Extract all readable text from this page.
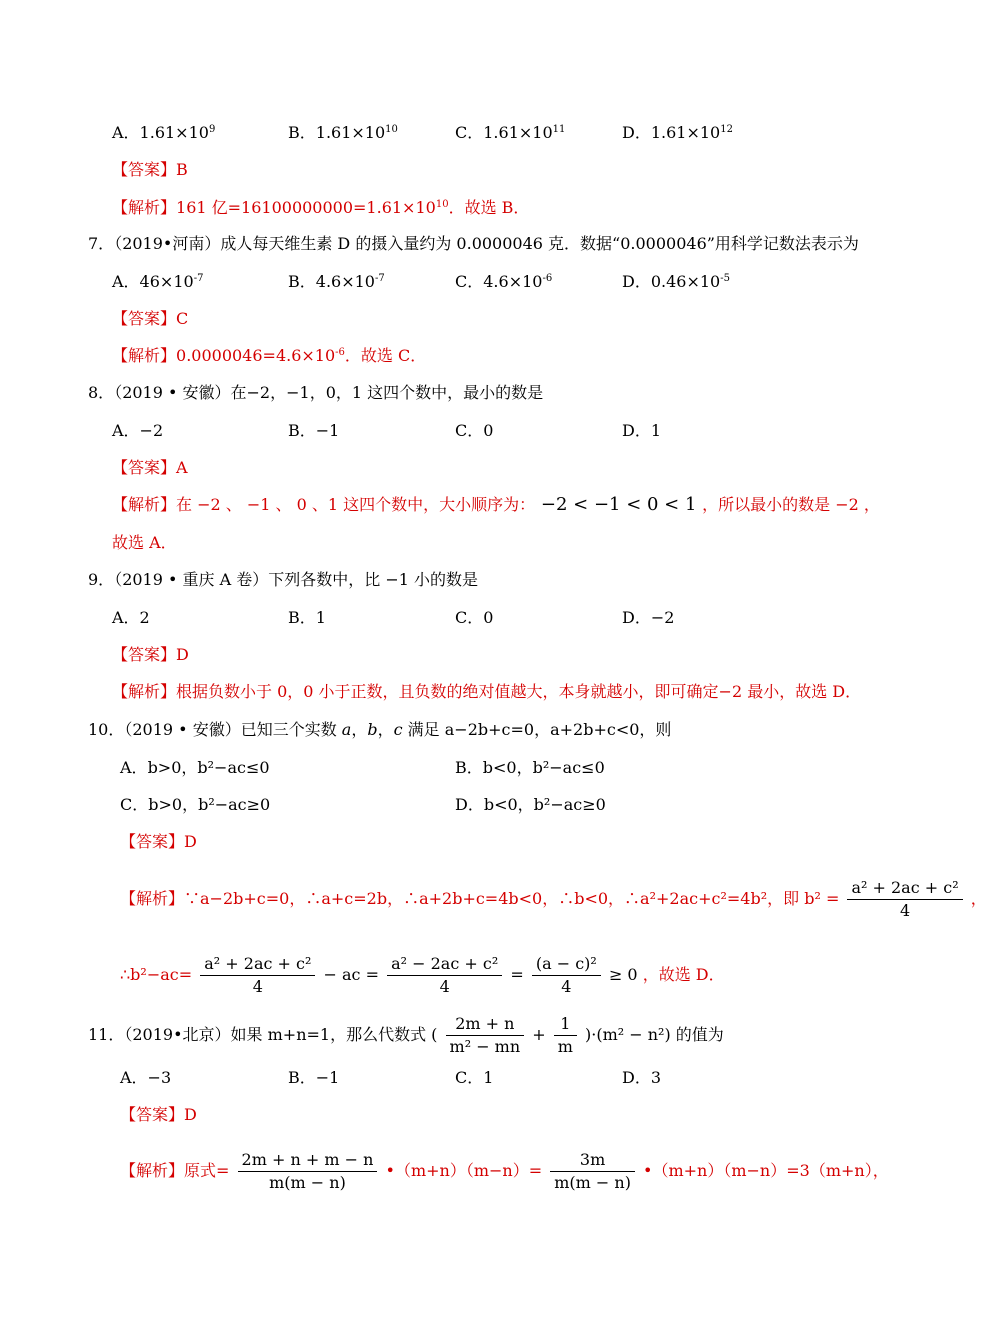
A．$1.61\times 10^9$	B．$1.61\times 10^{10}$	C．$1.61\times 10^{11}$	D．$1.61\times 10^{12}$
【答案】B
【解析】161 亿$=16100000000=1.61\times 10^{10}$．故选 B．
7．（2019•河南）成人每天维生素 D 的摄入量约为 0.0000046 克．数据“0.0000046”用科学记数法表示为
A．$46\times 10^{-7}$	B．$4.6\times 10^{-7}$	C．$4.6\times 10^{-6}$	D．$0.46\times 10^{-5}$
【答案】C
【解析】$0.0000046=4.6\times 10^{-6}$．故选 C．
8．（2019 • 安徽）在−2，−1，0，1 这四个数中，最小的数是
A．−2	B．−1	C．0	D．1
【答案】A
【解析】在 −2 、 −1 、 0 、1 这四个数中，大小顺序为： −2 < −1 < 0 < 1 ，所以最小的数是 −2 ，
故选 A．
9．（2019 • 重庆 A 卷）下列各数中，比 −1 小的数是
A．2	B．1	C．0	D．−2
【答案】D
【解析】根据负数小于 0，0 小于正数，且负数的绝对值越大，本身就越小，即可确定−2 最小，故选 D．
10．（2019 • 安徽）已知三个实数 a，b，c 满足 a−2b+c=0，a+2b+c<0，则
A．b>0，b²−ac≤0	B．b<0，b²−ac≤0
C．b>0，b²−ac≥0	D．b<0，b²−ac≥0
【答案】D
【解析】∵a−2b+c=0，∴a+c=2b，∴a+2b+c=4b<0，∴b<0，∴a²+2ac+c²=4b²，即 $b^2 = \frac{\text{a² + 2ac + c²}}{4}$ ，
∴b²−ac= $\frac{\text{a² + 2ac + c²}}{4}$ − ac = $\frac{\text{a² − 2ac + c²}}{4} = \frac{\text{(a − c)²}}{4} \ge 0$ ，故选 D．
11．（2019•北京）如果 m+n=1，那么代数式 ( $\frac{2m + n}{\text{m² − mn}} + \frac{1}{m} )\cdot(m^2 - n^2)$ 的值为
A．−3	B．−1	C．1	D．3
【答案】D
【解析】原式= $\frac{2m + n + m - n}{m(m - n)}$ •（m+n）（m−n）= $\frac{3m}{m(m - n)}$ •（m+n）（m−n）=3（m+n），
